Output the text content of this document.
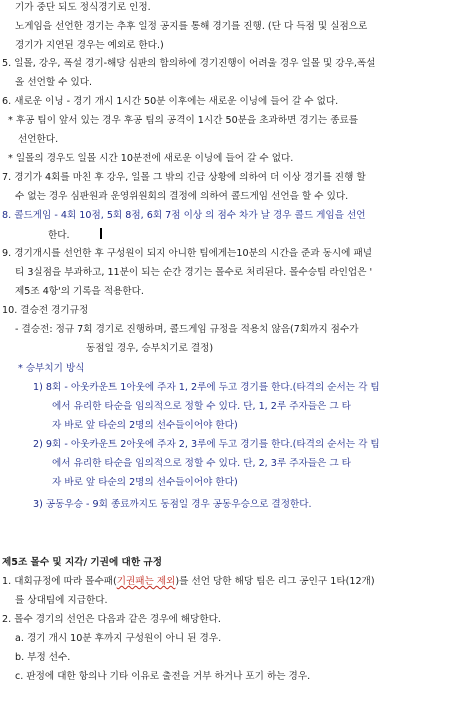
기가 중단 되도 정식경기로 인정.
노게임을 선언한 경기는 추후 일정 공지를 통해 경기를 진행. (단 다 득점 및 실점으로
경기가 지연된 경우는 예외로 한다.)
5. 일몰, 강우, 폭설 경기-해당 심판의 합의하에 경기진행이 어려울 경우 일몰 및 강우,폭설
올 선언할 수 있다.
6. 새로운 이닝 - 경기 개시 1시간 50분 이후에는 새로운 이닝에 들어 갈 수 없다.
* 후공 팀이 앞서 있는 경우 후공 팀의 공격이 1시간 50분을 초과하면 경기는 종료를
선언한다.
* 일몰의 경우도 일몰 시간 10분전에 새로운 이닝에 들어 갈 수 없다.
7. 경기가 4회를 마친 후 강우, 일몰 그 밖의 긴급 상황에 의하여 더 이상 경기를 진행 할
수 없는 경우 심판원과 운영위원회의 결정에 의하여 콜드게임 선언을 할 수 있다.
8. 콜드게임 - 4회 10점, 5회 8점, 6회 7점 이상 의 점수 차가 날 경우 콜드 게임을 선언
한다.
9. 경기개시를 선언한 후 구성원이 되지 아니한 팀에게는10분의 시간을 준과 동시에 패널
티 3실점을 부과하고, 11분이 되는 순간 경기는 몰수로 처리된다. 몰수승팀 라인업은 '
제5조 4항'의 기록을 적용한다.
10. 결승전 경기규정
- 결승전: 정규 7회 경기로 진행하며, 콜드게임 규정을 적용치 않음(7회까지 점수가
동점일 경우, 승부치기로 결정)
* 승부치기 방식
1) 8회 - 아웃카운트 1아웃에 주자 1, 2루에 두고 경기를 한다.(타격의 순서는 각 팀
에서 유리한 타순을 임의적으로 정할 수 있다. 단, 1, 2루 주자들은 그 타
자 바로 앞 타순의 2명의 선수들이어야 한다)
2) 9회 - 아웃카운트 2아웃에 주자 2, 3루에 두고 경기를 한다.(타격의 순서는 각 팀
에서 유리한 타순을 임의적으로 정할 수 있다. 단, 2, 3루 주자들은 그 타
자 바로 앞 타순의 2명의 선수들이어야 한다)
3) 공동우승 - 9회 종료까지도 동점일 경우 공동우승으로 결정한다.
제5조 몰수 및 지각/ 기권에 대한 규정
1. 대회규정에 따라 몰수패(기권패는 제외)를 선언 당한 해당 팀은 리그 공인구 1타(12개)
를 상대팀에 지급한다.
2. 몰수 경기의 선언은 다음과 같은 경우에 해당한다.
a. 경기 개시 10분 후까지 구성원이 아니 된 경우.
b. 부정 선수.
c. 판정에 대한 항의나 기타 이유로 출전을 거부 하거나 포기 하는 경우.
